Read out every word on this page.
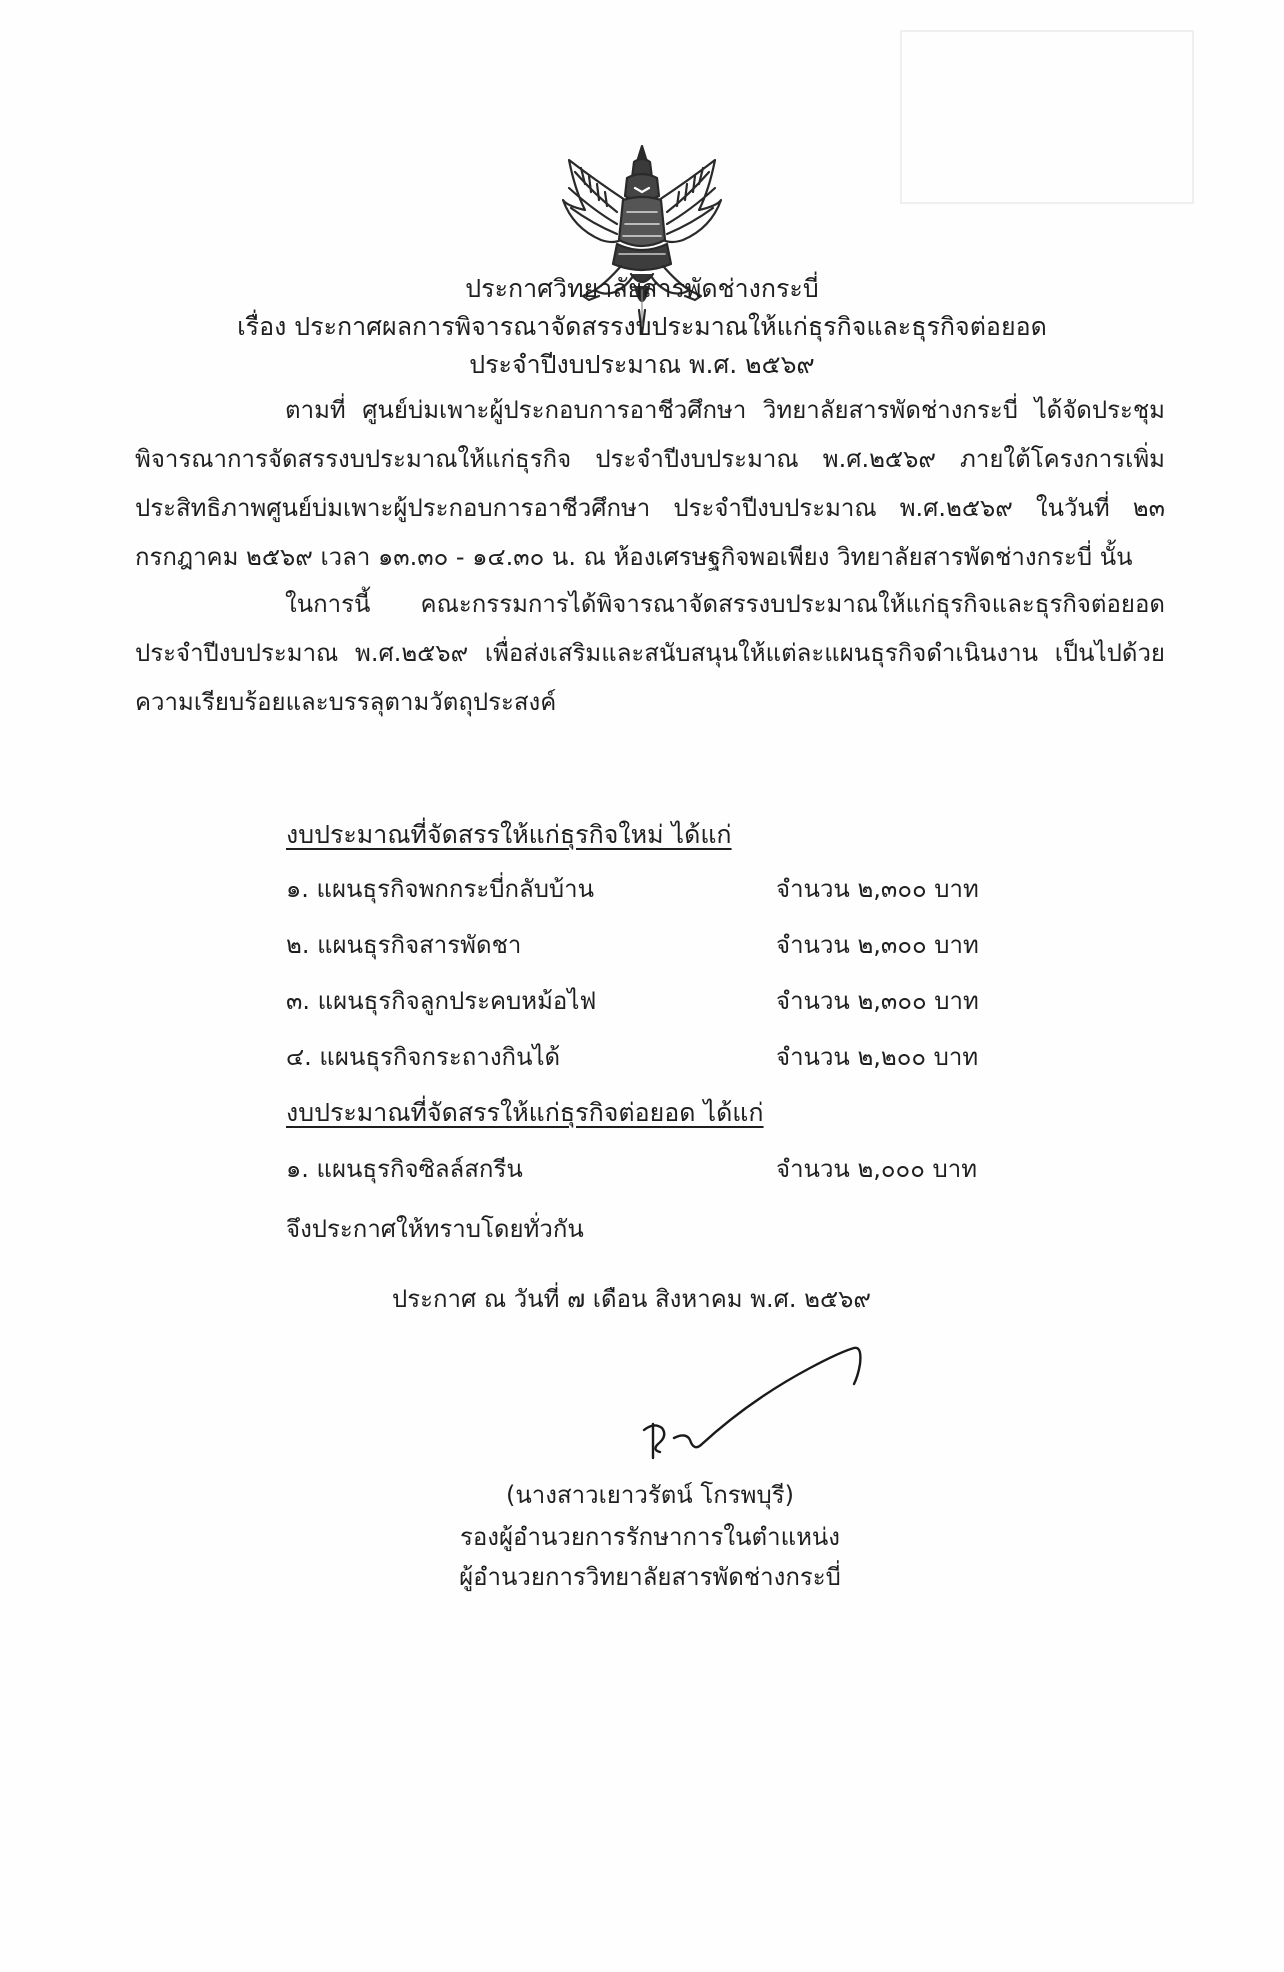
ประกาศวิทยาลัยสารพัดช่างกระบี่
เรื่อง ประกาศผลการพิจารณาจัดสรรงบประมาณให้แก่ธุรกิจและธุรกิจต่อยอด
ประจำปีงบประมาณ พ.ศ. ๒๕๖๙
ตามที่ ศูนย์บ่มเพาะผู้ประกอบการอาชีวศึกษา วิทยาลัยสารพัดช่างกระบี่ ได้จัดประชุมพิจารณาการจัดสรรงบประมาณให้แก่ธุรกิจ ประจำปีงบประมาณ พ.ศ.๒๕๖๙ ภายใต้โครงการเพิ่มประสิทธิภาพศูนย์บ่มเพาะผู้ประกอบการอาชีวศึกษา ประจำปีงบประมาณ พ.ศ.๒๕๖๙ ในวันที่ ๒๓ กรกฎาคม ๒๕๖๙ เวลา ๑๓.๓๐ - ๑๔.๓๐ น. ณ ห้องเศรษฐกิจพอเพียง วิทยาลัยสารพัดช่างกระบี่ นั้น
ในการนี้ คณะกรรมการได้พิจารณาจัดสรรงบประมาณให้แก่ธุรกิจและธุรกิจต่อยอดประจำปีงบประมาณ พ.ศ.๒๕๖๙ เพื่อส่งเสริมและสนับสนุนให้แต่ละแผนธุรกิจดำเนินงาน เป็นไปด้วยความเรียบร้อยและบรรลุตามวัตถุประสงค์
งบประมาณที่จัดสรรให้แก่ธุรกิจใหม่ ได้แก่
๑. แผนธุรกิจพกกระบี่กลับบ้าน	จำนวน ๒,๓๐๐ บาท
๒. แผนธุรกิจสารพัดชา	จำนวน ๒,๓๐๐ บาท
๓. แผนธุรกิจลูกประคบหม้อไฟ	จำนวน ๒,๓๐๐ บาท
๔. แผนธุรกิจกระถางกินได้	จำนวน ๒,๒๐๐ บาท
งบประมาณที่จัดสรรให้แก่ธุรกิจต่อยอด ได้แก่
๑. แผนธุรกิจซิลล์สกรีน	จำนวน ๒,๐๐๐ บาท
จึงประกาศให้ทราบโดยทั่วกัน
ประกาศ ณ วันที่ ๗ เดือน สิงหาคม พ.ศ. ๒๕๖๙
(นางสาวเยาวรัตน์ โกรพบุรี)
รองผู้อำนวยการรักษาการในตำแหน่ง
ผู้อำนวยการวิทยาลัยสารพัดช่างกระบี่
